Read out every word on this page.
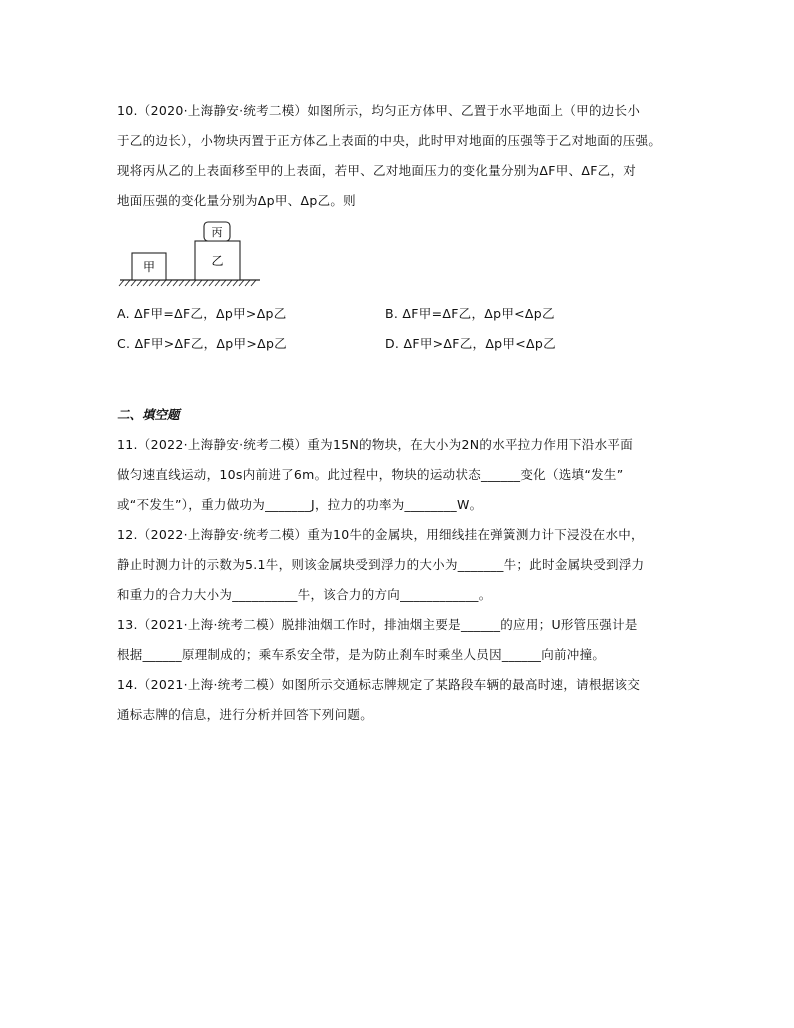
10.（2020·上海静安·统考二模）如图所示，均匀正方体甲、乙置于水平地面上（甲的边长小
于乙的边长），小物块丙置于正方体乙上表面的中央，此时甲对地面的压强等于乙对地面的压强。
现将丙从乙的上表面移至甲的上表面，若甲、乙对地面压力的变化量分别为ΔF甲、ΔF乙，对
地面压强的变化量分别为Δp甲、Δp乙。则
甲	乙
丙
A. ΔF甲=ΔF乙，Δp甲>Δp乙	B. ΔF甲=ΔF乙，Δp甲<Δp乙
C. ΔF甲>ΔF乙，Δp甲>Δp乙	D. ΔF甲>ΔF乙，Δp甲<Δp乙
二、填空题
11.（2022·上海静安·统考二模）重为15N的物块，在大小为2N的水平拉力作用下沿水平面
做匀速直线运动，10s内前进了6m。此过程中，物块的运动状态______变化（选填“发生”
或“不发生”），重力做功为_______J，拉力的功率为________W。
12.（2022·上海静安·统考二模）重为10牛的金属块，用细线挂在弹簧测力计下浸没在水中，
静止时测力计的示数为5.1牛，则该金属块受到浮力的大小为_______牛；此时金属块受到浮力
和重力的合力大小为__________牛，该合力的方向____________。
13.（2021·上海·统考二模）脱排油烟工作时，排油烟主要是______的应用；U形管压强计是
根据______原理制成的；乘车系安全带，是为防止刹车时乘坐人员因______向前冲撞。
14.（2021·上海·统考二模）如图所示交通标志牌规定了某路段车辆的最高时速，请根据该交
通标志牌的信息，进行分析并回答下列问题。
